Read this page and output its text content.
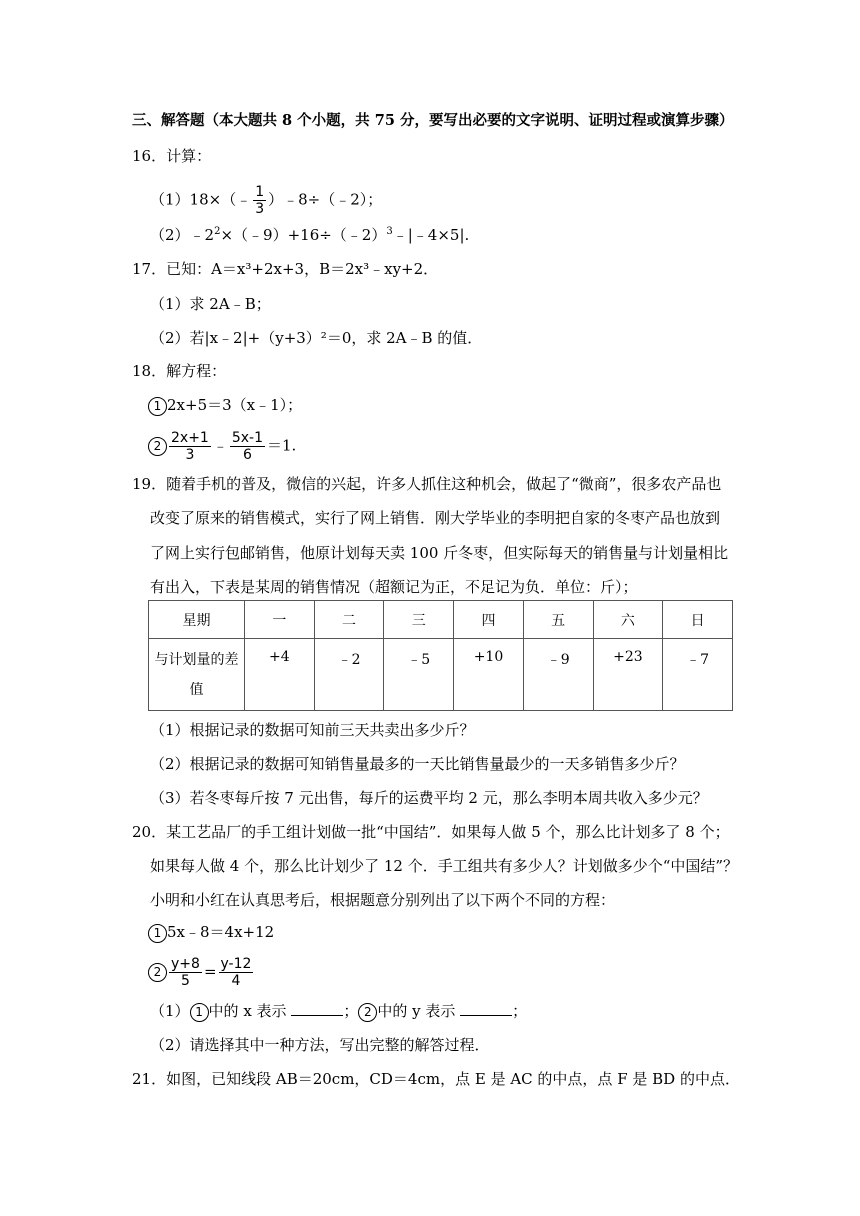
三、解答题（本大题共 8 个小题，共 75 分，要写出必要的文字说明、证明过程或演算步骤）
16．计算：
（1）18×（﹣ $\frac{1}{3}$ ）﹣8÷（﹣2）；
$(2)﹣2^2\times(﹣9)+16\div(﹣2)^3﹣|﹣4\times 5|$.
17．已知：A＝x³+2x+3，B＝2x³﹣xy+2．
（1）求 2A﹣B；
（2）若|x﹣2|+（y+3）²＝0，求 2A﹣B 的值．
18．解方程：
1 2x+5＝3（x﹣1）；
$2 \frac{2x+1}{3}$ ﹣ $\frac{5x-1}{6} =1$.
19．随着手机的普及，微信的兴起，许多人抓住这种机会，做起了“微商”，很多农产品也
改变了原来的销售模式，实行了网上销售．刚大学毕业的李明把自家的冬枣产品也放到
了网上实行包邮销售，他原计划每天卖 100 斤冬枣，但实际每天的销售量与计划量相比
有出入，下表是某周的销售情况（超额记为正，不足记为负．单位：斤）；
星期	一	二	三	四	五	六	日
与计划量的差
值	+4	﹣2	﹣5	+10	﹣9	+23	﹣7
（1）根据记录的数据可知前三天共卖出多少斤？
（2）根据记录的数据可知销售量最多的一天比销售量最少的一天多销售多少斤？
（3）若冬枣每斤按 7 元出售，每斤的运费平均 2 元，那么李明本周共收入多少元？
20．某工艺品厂的手工组计划做一批“中国结”．如果每人做 5 个，那么比计划多了 8 个；
如果每人做 4 个，那么比计划少了 12 个．手工组共有多少人？计划做多少个“中国结”？
小明和小红在认真思考后，根据题意分别列出了以下两个不同的方程：
1 5x﹣8＝4x+12
$2 \frac{y+8}{5} = \frac{y-12}{4}$
（1） 1 中的 x 表示	； 2 中的 y 表示	；
（2）请选择其中一种方法，写出完整的解答过程．
21．如图，已知线段 AB＝20cm，CD＝4cm，点 E 是 AC 的中点，点 F 是 BD 的中点．
